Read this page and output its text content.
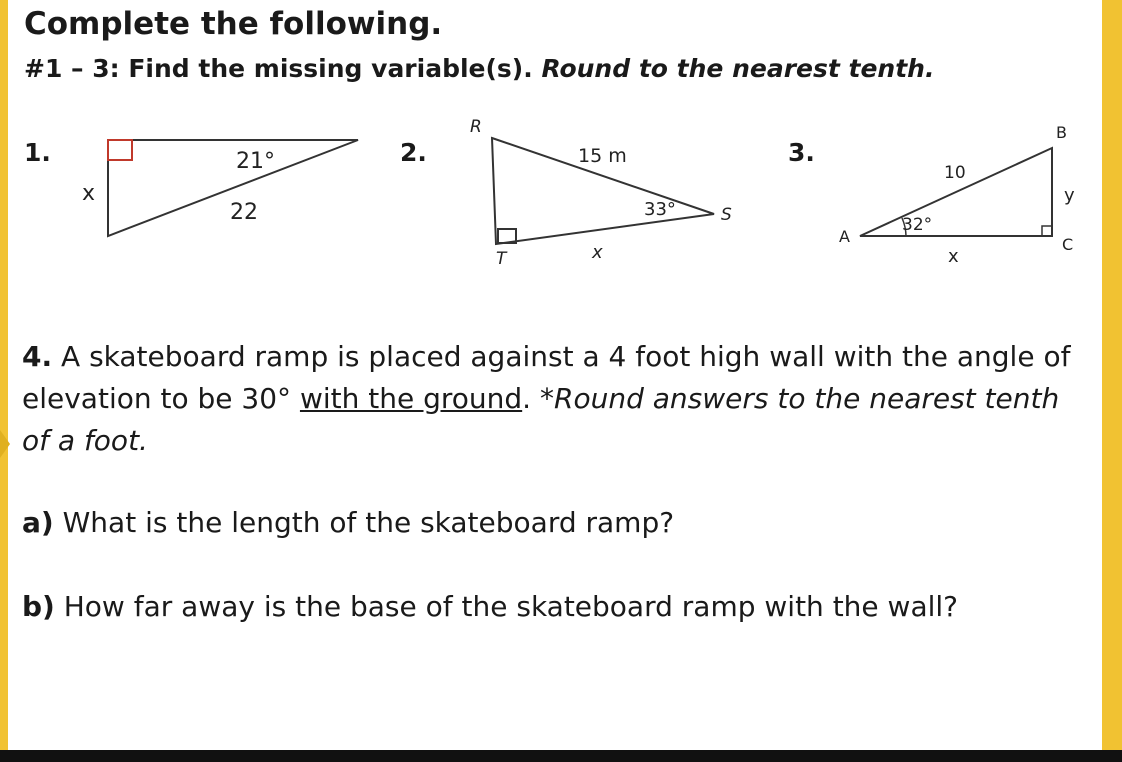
Complete the following.
#1 – 3: Find the missing variable(s). Round to the nearest tenth.
1.	21°
22
x
2.
R
S
T
15 m
33°
x
3.
A
B
C
10
32°
y
x
4. A skateboard ramp is placed against a 4 foot high wall with the angle of elevation to be 30° with the ground. *Round answers to the nearest tenth of a foot.
a) What is the length of the skateboard ramp?
b) How far away is the base of the skateboard ramp with the wall?
